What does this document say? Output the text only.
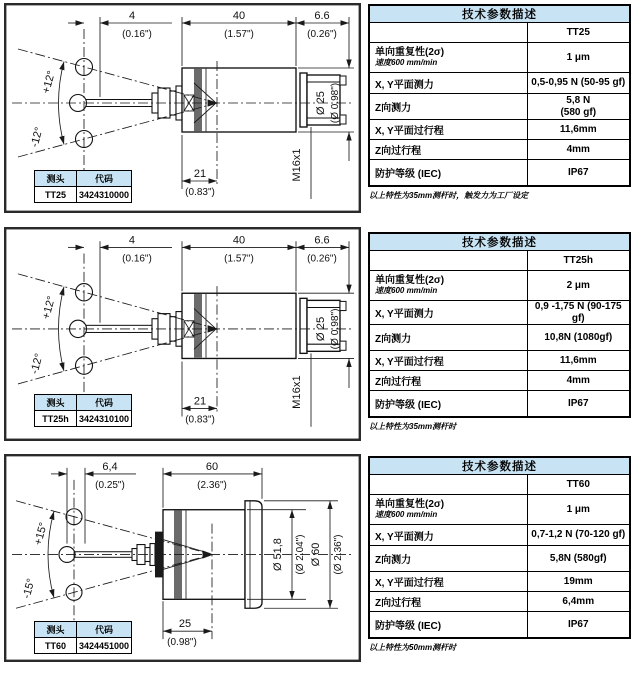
4
(0.16")
40
(1.57")
6.6
(0.26")
21
(0.83")
+12°
-12°
Ø 25 (Ø 0.98")
M16x1
测头	代码
TT25	3424310000
技术参数描述	
	TT25

单向重复性(2σ)
速度600 mm/min	1 μm
X, Y平面测力	0,5-0,95 N (50-95 gf)
Z向测力	5,8 N
(580 gf)

X, Y平面过行程	11,6mm
Z向过行程	4mm
防护等级 (IEC)	IP67
以上特性为35mm测杆时，触发力为工厂设定
4
(0.16")
40
(1.57")
6.6
(0.26")
21
(0.83")
+12°
-12°
Ø 25 (Ø 0.98")
M16x1
测头	代码
TT25h	3424310100
技术参数描述	
	TT25h

单向重复性(2σ)
速度600 mm/min	2 μm
X, Y平面测力	0,9 -1,75 N (90-175 gf)
Z向测力	10,8N (1080gf)
X, Y平面过行程	11,6mm
Z向过行程	4mm
防护等级 (IEC)	IP67
以上特性为35mm测杆时
6,4
(0.25")
60
(2.36")
25
(0.98")
+15°
-15°
Ø 51,8 (Ø 2.04") Ø 60 (Ø 2.36")
测头	代码
TT60	3424451000
技术参数描述	
	TT60

单向重复性(2σ)
速度600 mm/min	1 μm
X, Y平面测力	0,7-1,2 N (70-120 gf)
Z向测力	5,8N (580gf)
X, Y平面过行程	19mm
Z向过行程	6,4mm
防护等级 (IEC)	IP67
以上特性为50mm测杆时
